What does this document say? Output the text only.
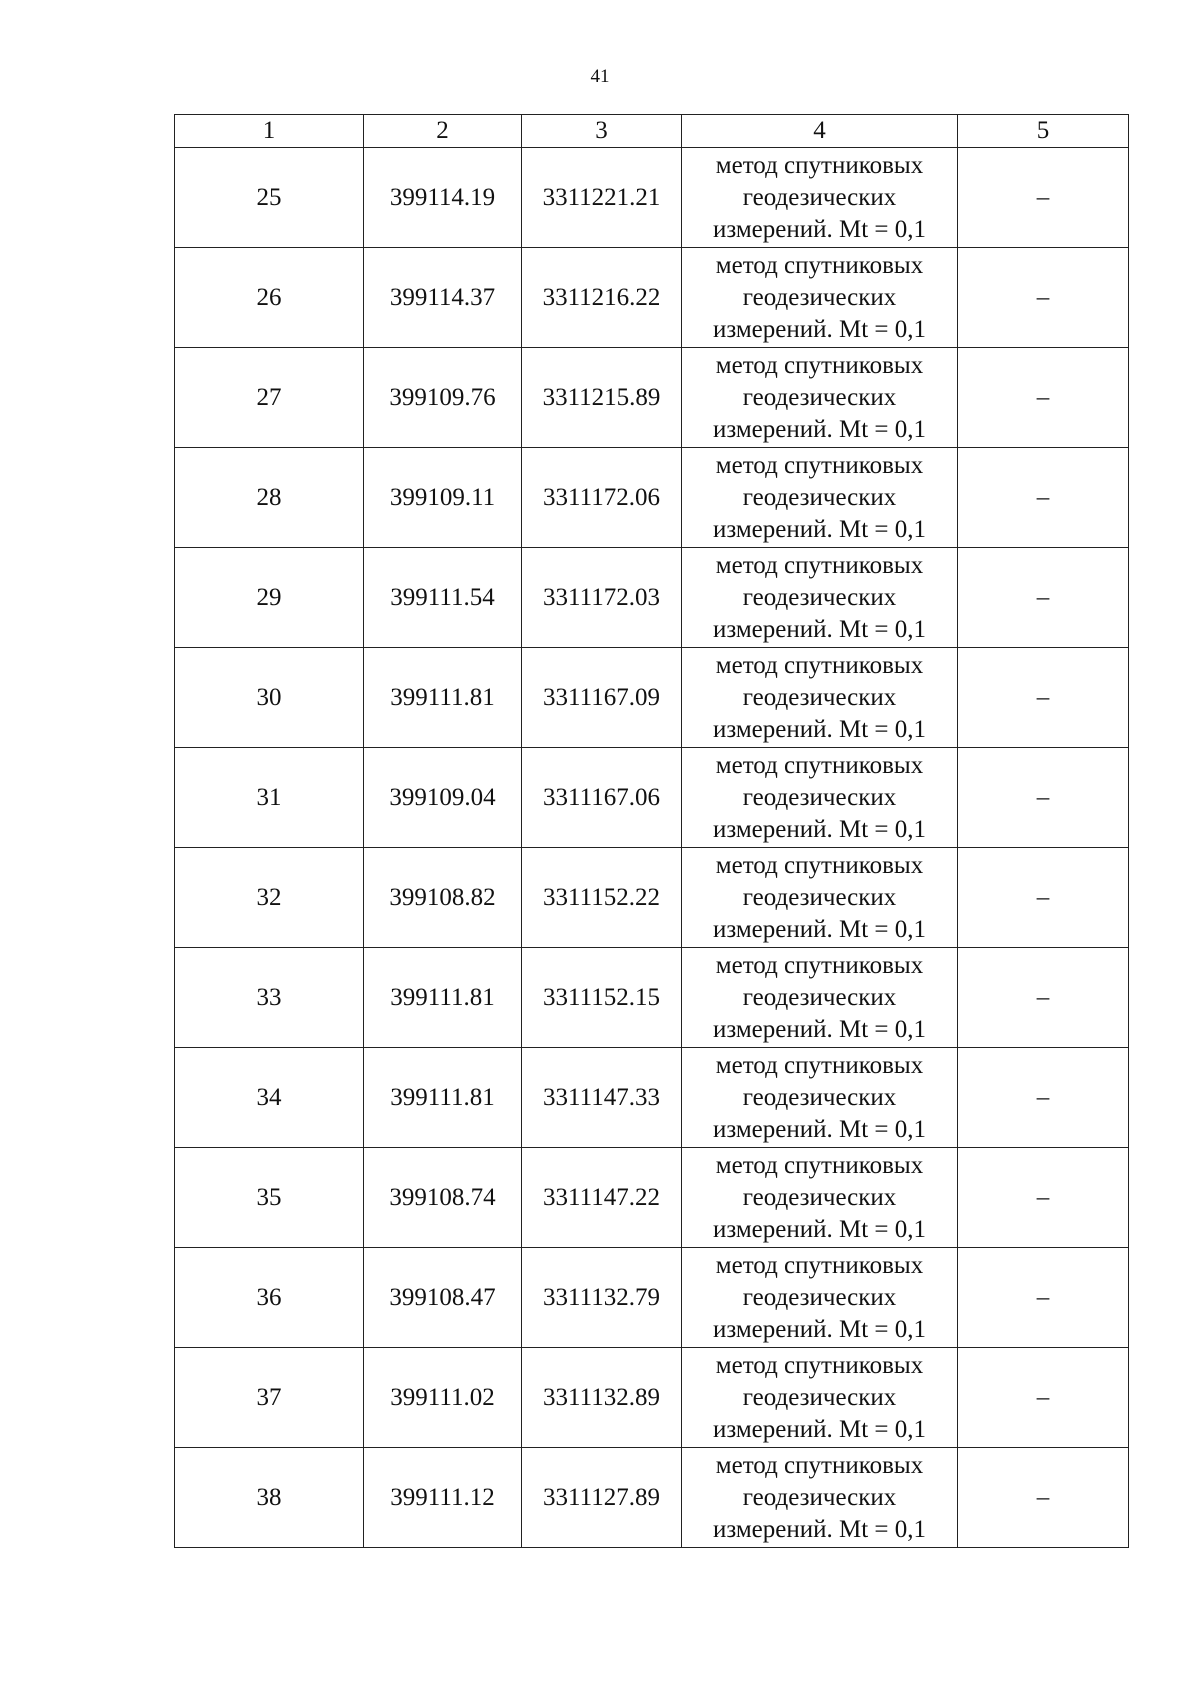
41
1	2	3	4	5
25	399114.19	3311221.21	метод спутниковых
геодезических
измерений. Mt = 0,1	–
26	399114.37	3311216.22	метод спутниковых
геодезических
измерений. Mt = 0,1	–
27	399109.76	3311215.89	метод спутниковых
геодезических
измерений. Mt = 0,1	–
28	399109.11	3311172.06	метод спутниковых
геодезических
измерений. Mt = 0,1	–
29	399111.54	3311172.03	метод спутниковых
геодезических
измерений. Mt = 0,1	–
30	399111.81	3311167.09	метод спутниковых
геодезических
измерений. Mt = 0,1	–
31	399109.04	3311167.06	метод спутниковых
геодезических
измерений. Mt = 0,1	–
32	399108.82	3311152.22	метод спутниковых
геодезических
измерений. Mt = 0,1	–
33	399111.81	3311152.15	метод спутниковых
геодезических
измерений. Mt = 0,1	–
34	399111.81	3311147.33	метод спутниковых
геодезических
измерений. Mt = 0,1	–
35	399108.74	3311147.22	метод спутниковых
геодезических
измерений. Mt = 0,1	–
36	399108.47	3311132.79	метод спутниковых
геодезических
измерений. Mt = 0,1	–
37	399111.02	3311132.89	метод спутниковых
геодезических
измерений. Mt = 0,1	–
38	399111.12	3311127.89	метод спутниковых
геодезических
измерений. Mt = 0,1	–
